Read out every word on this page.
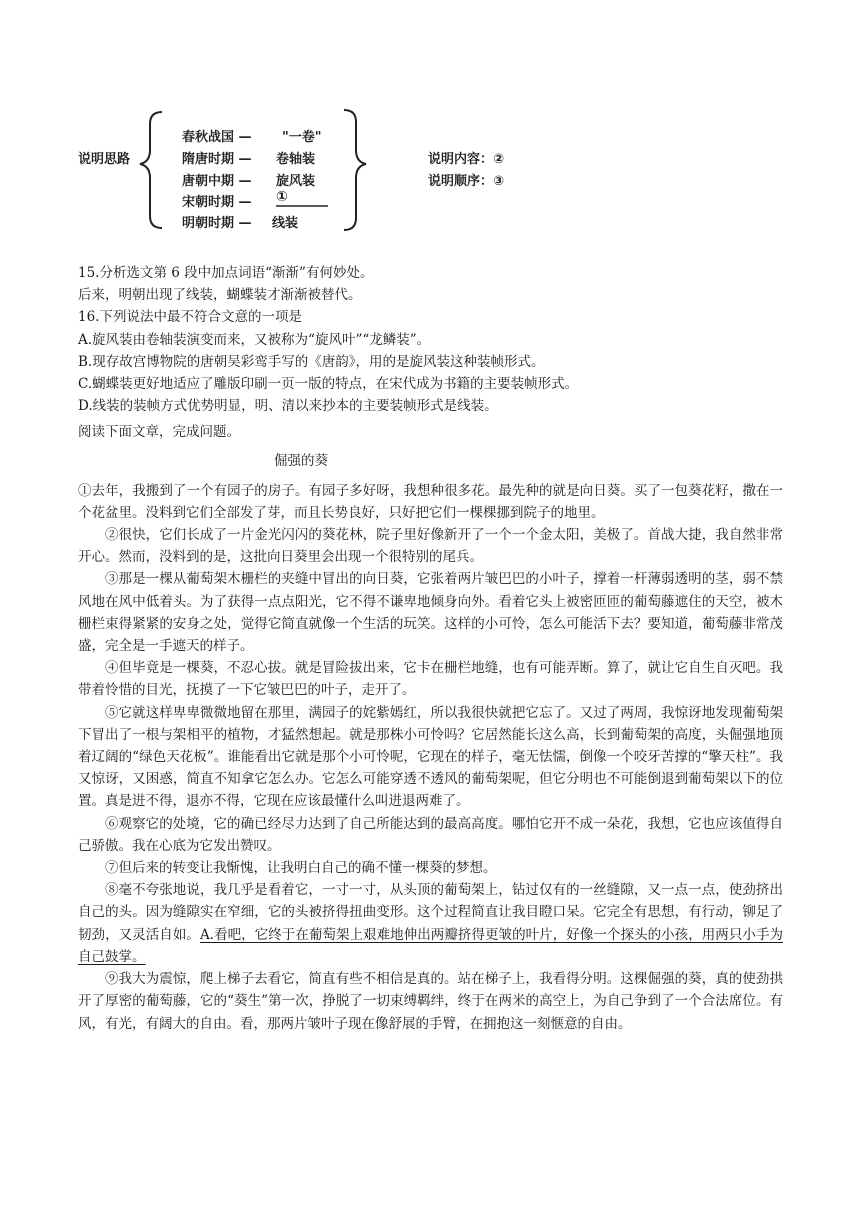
说明思路
春秋战国 — "一卷"
隋唐时期 — 卷轴装
唐朝中期 — 旋风装
宋朝时期 — ①
明朝时期 — 线装
说明内容：②
说明顺序：③

15.分析选文第 6 段中加点词语“渐渐”有何妙处。

后来，明朝出现了线装，蝴蝶装才渐渐被替代。

16.下列说法中最不符合文意的一项是

A.旋风装由卷轴装演变而来，又被称为“旋风叶”“龙鳞装”。

B.现存故宫博物院的唐朝吴彩鸾手写的《唐韵》，用的是旋风装这种装帧形式。

C.蝴蝶装更好地适应了雕版印刷一页一版的特点，在宋代成为书籍的主要装帧形式。

D.线装的装帧方式优势明显，明、清以来抄本的主要装帧形式是线装。

阅读下面文章，完成问题。

倔强的葵

①去年，我搬到了一个有园子的房子。有园子多好呀，我想种很多花。最先种的就是向日葵。买了一包葵花籽，撒在一个花盆里。没料到它们全部发了芽，而且长势良好，只好把它们一棵棵挪到院子的地里。

②很快，它们长成了一片金光闪闪的葵花林，院子里好像新开了一个一个金太阳，美极了。首战大捷，我自然非常开心。然而，没料到的是，这批向日葵里会出现一个很特别的尾兵。

③那是一棵从葡萄架木栅栏的夹缝中冒出的向日葵，它张着两片皱巴巴的小叶子，撑着一杆薄弱透明的茎，弱不禁风地在风中低着头。为了获得一点点阳光，它不得不谦卑地倾身向外。看着它头上被密匝匝的葡萄藤遮住的天空，被木栅栏束得紧紧的安身之处，觉得它简直就像一个生活的玩笑。这样的小可怜，怎么可能活下去？要知道，葡萄藤非常茂盛，完全是一手遮天的样子。

④但毕竟是一棵葵，不忍心拔。就是冒险拔出来，它卡在栅栏地缝，也有可能弄断。算了，就让它自生自灭吧。我带着怜惜的目光，抚摸了一下它皱巴巴的叶子，走开了。

⑤它就这样卑卑微微地留在那里，满园子的姹紫嫣红，所以我很快就把它忘了。又过了两周，我惊讶地发现葡萄架下冒出了一根与架相平的植物，才猛然想起。就是那株小可怜吗？它居然能长这么高，长到葡萄架的高度，头倔强地顶着辽阔的“绿色天花板”。谁能看出它就是那个小可怜呢，它现在的样子，毫无怯懦，倒像一个咬牙苦撑的“擎天柱”。我又惊讶，又困惑，简直不知拿它怎么办。它怎么可能穿透不透风的葡萄架呢，但它分明也不可能倒退到葡萄架以下的位置。真是进不得，退亦不得，它现在应该最懂什么叫进退两难了。

⑥观察它的处境，它的确已经尽力达到了自己所能达到的最高高度。哪怕它开不成一朵花，我想，它也应该值得自己骄傲。我在心底为它发出赞叹。

⑦但后来的转变让我惭愧，让我明白自己的确不懂一棵葵的梦想。

⑧毫不夸张地说，我几乎是看着它，一寸一寸，从头顶的葡萄架上，钻过仅有的一丝缝隙，又一点一点，使劲挤出自己的头。因为缝隙实在窄细，它的头被挤得扭曲变形。这个过程简直让我目瞪口呆。它完全有思想，有行动，铆足了韧劲，又灵活自如。A.看吧，它终于在葡萄架上艰难地伸出两瓣挤得更皱的叶片，好像一个探头的小孩，用两只小手为自己鼓掌。

⑨我大为震惊，爬上梯子去看它，简直有些不相信是真的。站在梯子上，我看得分明。这棵倔强的葵，真的使劲拱开了厚密的葡萄藤，它的“葵生”第一次，挣脱了一切束缚羁绊，终于在两米的高空上，为自己争到了一个合法席位。有风，有光，有阔大的自由。看，那两片皱叶子现在像舒展的手臂，在拥抱这一刻惬意的自由。
